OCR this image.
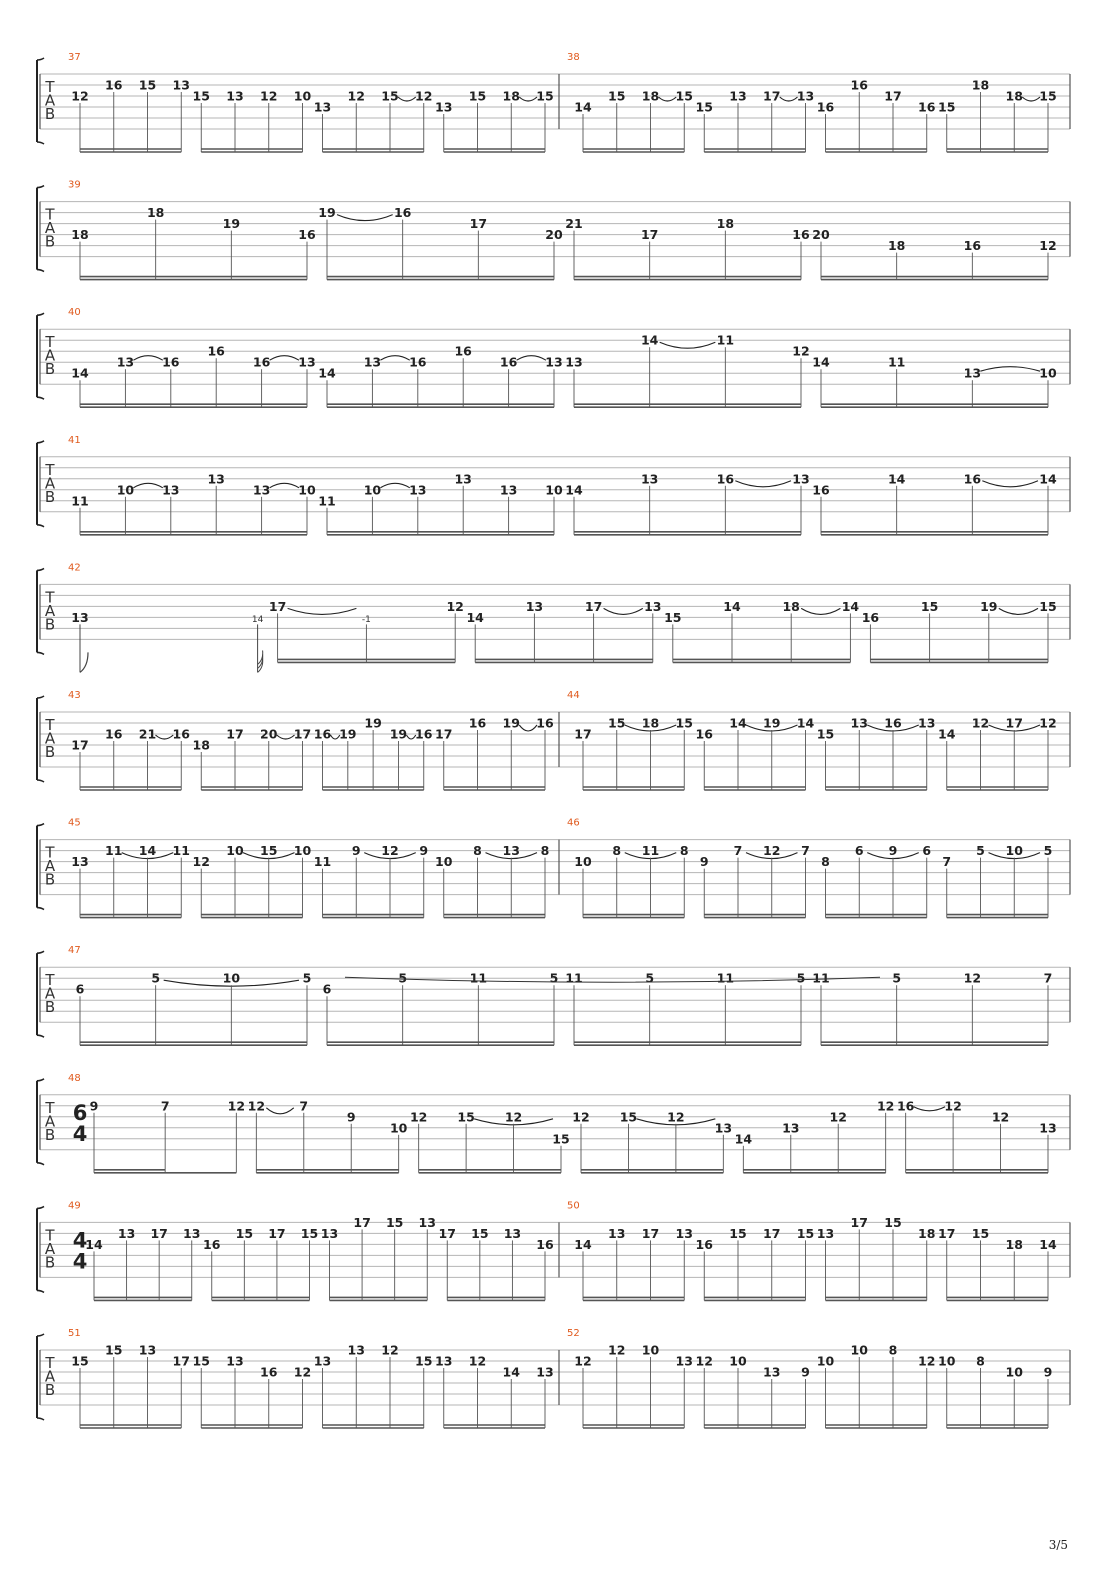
T
A
B
37
12
16 15 13
15 13 12 10
13
12 15 12
13
15 18 15
38
14
15 18 15
15
13 17 13
16
16
17
16 15
18
18 15
T
A
B
39
18
18
19
16
19	16
17
20
21
17
18
16 20
18	16	12
T
A
B
40
14
13 16
16
16 13
14
13 16
16
16 13 13
14	11
12
14	11
13	10
T
A
B
41
11
10 13
13
13 10
11
10 13
13
13 10 14
13	16	13
16
14	16	14
T
A
B
42
13	14
17
-1
12
14
13	17	13
15
14	18	14
16
15	19	15
T
A
B
43
17
16 21 16
18
17 20 17 16 19
19
19 16 17
16 19 16
44
17
15 18 15
16
14 19 14
15
13 16 13
14
12 17 12
T
A
B
45
13
11 14 11
12
10 15 10
11
9 12 9
10
8 13 8
46
10
8 11 8
9
7 12 7
8
6 9 6
7
5 10 5
T
A
B
47
6
5	10	5
6
5	11	5 11	5	11	5 11	5	12	7
T
A
B
48
6
4
9	7	12 12	7
9
10
12 15 12
15
12 15 12
13
14
13
12
12 16 12
12
13
T
A
B
49
4
4
14
13 17 13
16
15 17 15 13
17 15 13
17 15 13
16
50
14
13 17 13
16
15 17 15 13
17 15
18 17 15
18 14
T
A
B
51
15
15 13
17 15 13
16 12
13
13 12
15 13 12
14 13
52
12
12 10
13 12 10
13 9
10
10 8
12 10 8
10 9
3/5
